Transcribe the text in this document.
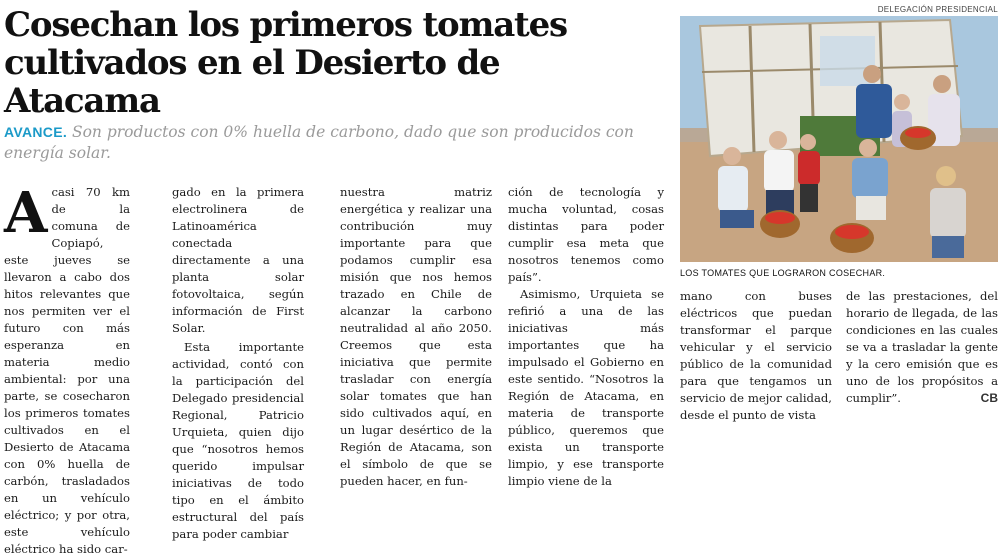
Cosechan los primeros tomates cultivados en el Desierto de Atacama

AVANCE. Son productos con 0% huella de carbono, dado que son producidos con energía solar.

Acasi 70 km de la comuna de Copiapó, este jueves se llevaron a cabo dos hitos relevantes que nos permiten ver el futuro con más esperanza en materia medio ambiental: por una parte, se cosecharon los primeros tomates cultivados en el Desierto de Atacama con 0% huella de carbón, trasladados en un vehículo eléctrico; y por otra, este vehículo eléctrico ha sido car-

gado en la primera electrolinera de Latinoamérica conectada directamente a una planta solar fotovoltaica, según información de First Solar.

Esta importante actividad, contó con la participación del Delegado presidencial Regional, Patricio Urquieta, quien dijo que “nosotros hemos querido impulsar iniciativas de todo tipo en el ámbito estructural del país para poder cambiar

nuestra matriz energética y realizar una contribución muy importante para que podamos cumplir esa misión que nos hemos trazado en Chile de alcanzar la carbono neutralidad al año 2050. Creemos que esta iniciativa que permite trasladar con energía solar tomates que han sido cultivados aquí, en un lugar desértico de la Región de Atacama, son el símbolo de que se pueden hacer, en fun-

ción de tecnología y mucha voluntad, cosas distintas para poder cumplir esa meta que nosotros tenemos como país”.

Asimismo, Urquieta se refirió a una de las iniciativas más importantes que ha impulsado el Gobierno en este sentido. “Nosotros la Región de Atacama, en materia de transporte público, queremos que exista un transporte limpio, y ese transporte limpio viene de la

mano con buses eléctricos que puedan transformar el parque vehicular y el servicio público de la comunidad para que tengamos un servicio de mejor calidad, desde el punto de vista

de las prestaciones, del horario de llegada, de las condiciones en las cuales se va a trasladar la gente y la cero emisión que es uno de los propósitos a cumplir”.	CB

DELEGACIÓN PRESIDENCIAL
LOS TOMATES QUE LOGRARON COSECHAR.
